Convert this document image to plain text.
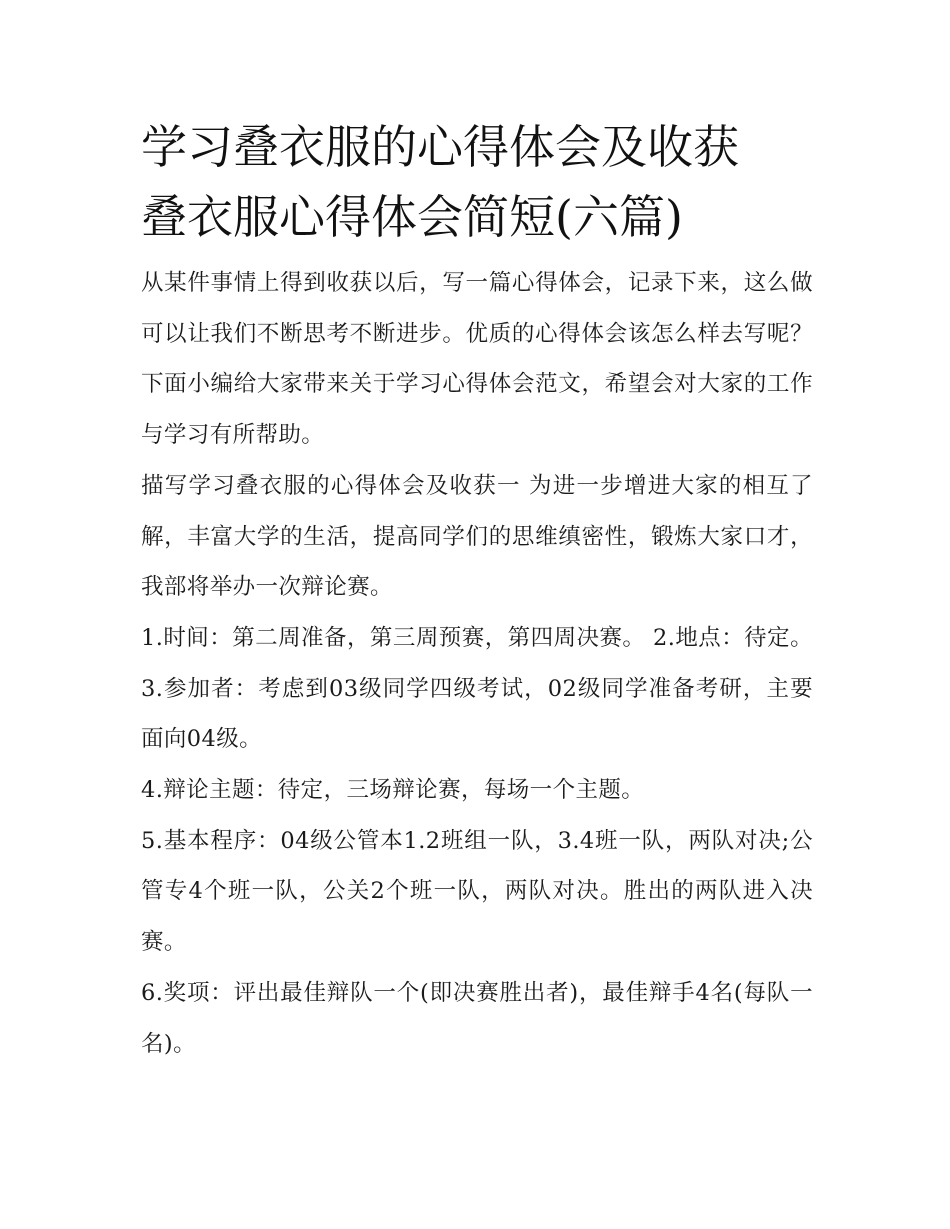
学习叠衣服的心得体会及收获
叠衣服心得体会简短(六篇)

从某件事情上得到收获以后，写一篇心得体会，记录下来，这么做可以让我们不断思考不断进步。优质的心得体会该怎么样去写呢？下面小编给大家带来关于学习心得体会范文，希望会对大家的工作与学习有所帮助。

描写学习叠衣服的心得体会及收获一 为进一步增进大家的相互了解，丰富大学的生活，提高同学们的思维缜密性，锻炼大家口才，我部将举办一次辩论赛。

1.时间：第二周准备，第三周预赛，第四周决赛。 2.地点：待定。 3.参加者：考虑到03级同学四级考试，02级同学准备考研，主要面向04级。

4.辩论主题：待定，三场辩论赛，每场一个主题。

5.基本程序：04级公管本1.2班组一队，3.4班一队，两队对决;公管专4个班一队，公关2个班一队，两队对决。胜出的两队进入决赛。

6.奖项：评出最佳辩队一个(即决赛胜出者)，最佳辩手4名(每队一名)。
